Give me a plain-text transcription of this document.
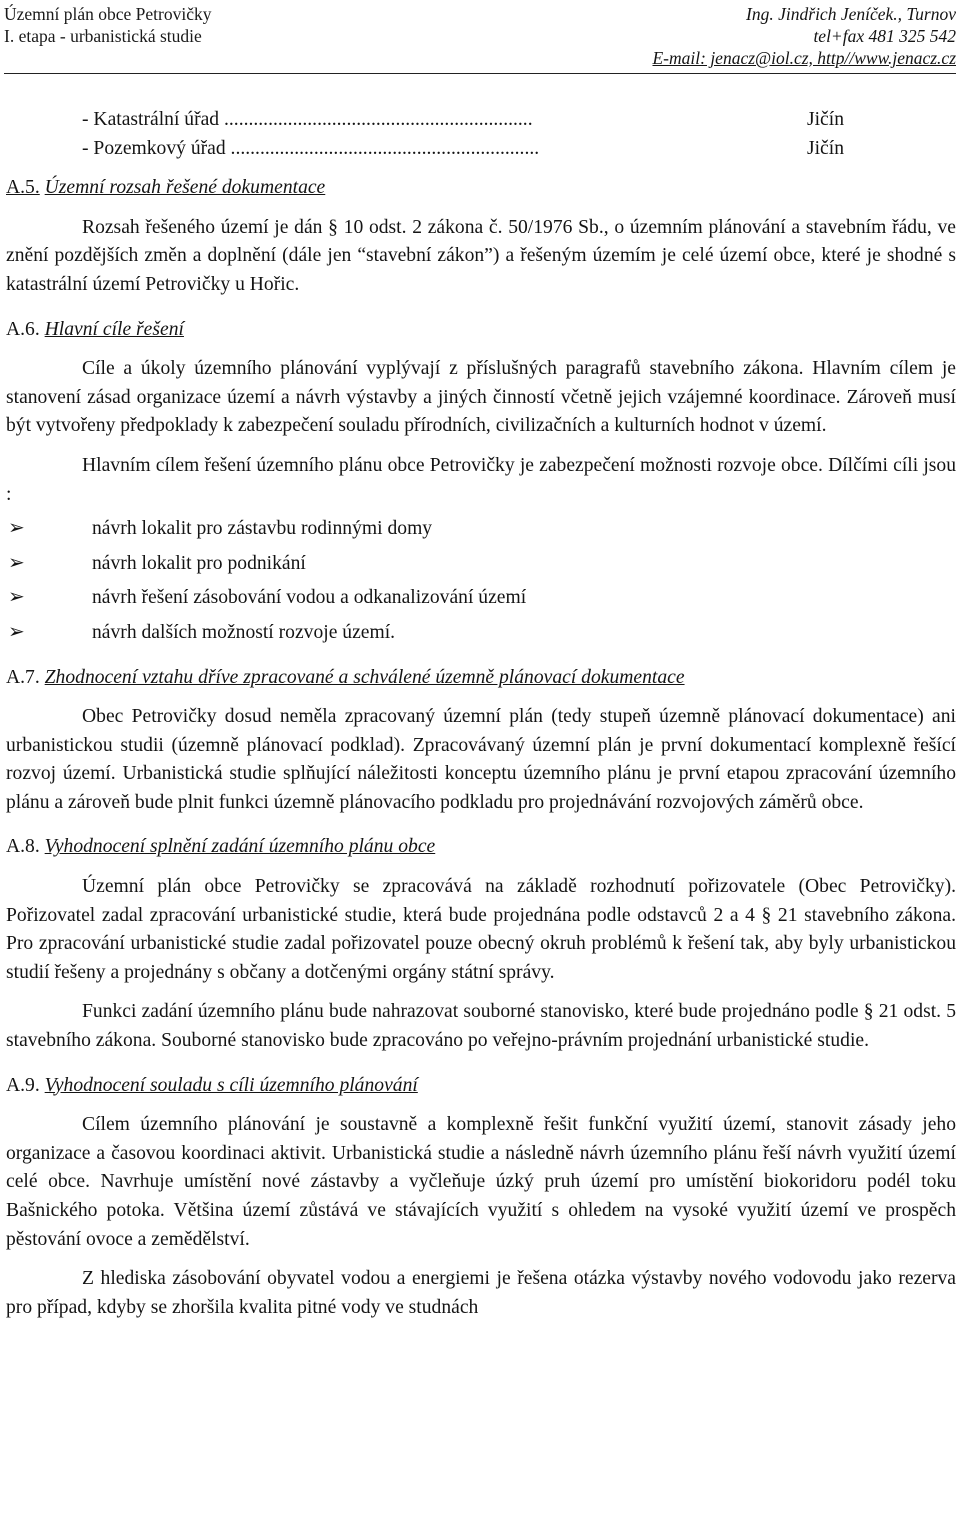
Územní plán obce Petrovičky	Ing. Jindřich Jeníček., Turnov
I. etapa - urbanistická studie	tel+fax 481 325 542
E-mail: jenacz@iol.cz, http//www.jenacz.cz
- Katastrální úřad ...............................................................	Jičín
- Pozemkový úřad ...............................................................	Jičín
A.5. Územní rozsah řešené dokumentace

Rozsah řešeného území je dán § 10 odst. 2 zákona č. 50/1976 Sb., o územním plánování a stavebním řádu, ve znění pozdějších změn a doplnění (dále jen “stavební zákon”) a řešeným územím je celé území obce, které je shodné s katastrální území Petrovičky u Hořic.

A.6. Hlavní cíle řešení

Cíle a úkoly územního plánování vyplývají z příslušných paragrafů stavebního zákona. Hlavním cílem je stanovení zásad organizace území a návrh výstavby a jiných činností včetně jejich vzájemné koordinace. Zároveň musí být vytvořeny předpoklady k zabezpečení souladu přírodních, civilizačních a kulturních hodnot v území.

Hlavním cílem řešení územního plánu obce Petrovičky je zabezpečení možnosti rozvoje obce. Dílčími cíli jsou :

➢	návrh lokalit pro zástavbu rodinnými domy
➢	návrh lokalit pro podnikání
➢	návrh řešení zásobování vodou a odkanalizování území
➢	návrh dalších možností rozvoje území.
A.7. Zhodnocení vztahu dříve zpracované a schválené územně plánovací dokumentace

Obec Petrovičky dosud neměla zpracovaný územní plán (tedy stupeň územně plánovací dokumentace) ani urbanistickou studii (územně plánovací podklad). Zpracovávaný územní plán je první dokumentací komplexně řešící rozvoj území. Urbanistická studie splňující náležitosti konceptu územního plánu je první etapou zpracování územního plánu a zároveň bude plnit funkci územně plánovacího podkladu pro projednávání rozvojových záměrů obce.

A.8. Vyhodnocení splnění zadání územního plánu obce

Územní plán obce Petrovičky se zpracovává na základě rozhodnutí pořizovatele (Obec Petrovičky). Pořizovatel zadal zpracování urbanistické studie, která bude projednána podle odstavců 2 a 4 § 21 stavebního zákona. Pro zpracování urbanistické studie zadal pořizovatel pouze obecný okruh problémů k řešení tak, aby byly urbanistickou studií řešeny a projednány s občany a dotčenými orgány státní správy.

Funkci zadání územního plánu bude nahrazovat souborné stanovisko, které bude projednáno podle § 21 odst. 5 stavebního zákona. Souborné stanovisko bude zpracováno po veřejno-právním projednání urbanistické studie.

A.9. Vyhodnocení souladu s cíli územního plánování

Cílem územního plánování je soustavně a komplexně řešit funkční využití území, stanovit zásady jeho organizace a časovou koordinaci aktivit. Urbanistická studie a následně návrh územního plánu řeší návrh využití území celé obce. Navrhuje umístění nové zástavby a vyčleňuje úzký pruh území pro umístění biokoridoru podél toku Bašnického potoka. Většina území zůstává ve stávajících využití s ohledem na vysoké využití území ve prospěch pěstování ovoce a zemědělství.

Z hlediska zásobování obyvatel vodou a energiemi je řešena otázka výstavby nového vodovodu jako rezerva pro případ, kdyby se zhoršila kvalita pitné vody ve studnách
